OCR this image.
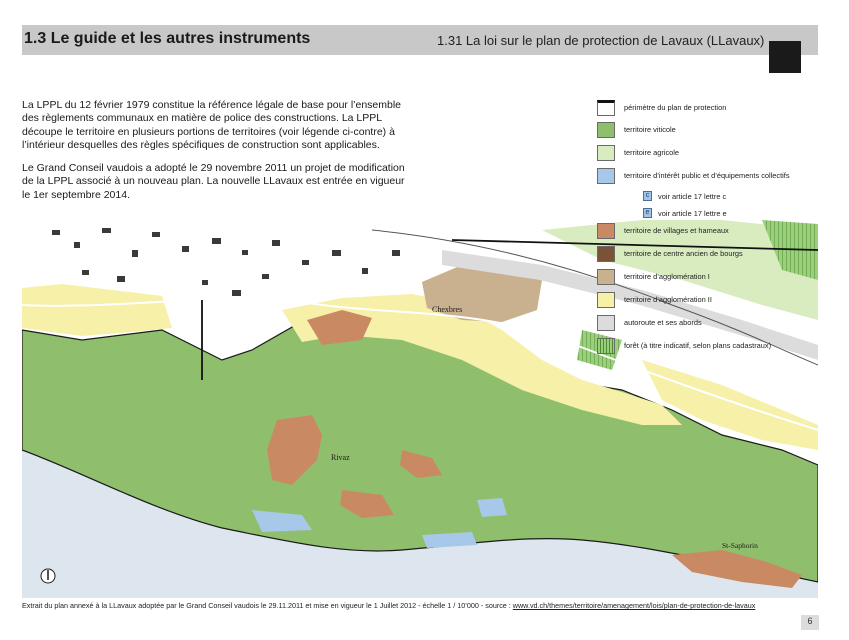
1.3 Le guide et les autres instruments	1.31 La loi sur le plan de protection de Lavaux (LLavaux)

La LPPL du 12 février 1979 constitue la référence légale de base pour l’ensemble des règlements communaux en matière de police des constructions. La LPPL découpe le territoire en plusieurs portions de territoires (voir légende ci-contre) à l’intérieur desquelles des règles spécifiques de construction sont applicables.

Le Grand Conseil vaudois a adopté le 29 novembre 2011 un projet de modification de la LPPL associé à un nouveau plan. La nouvelle LLavaux est entrée en vigueur le 1er septembre 2014.

Chexbres
Rivaz
St-Saphorin
périmètre du plan de protection
territoire viticole
territoire agricole
territoire d’intérêt public et d’équipements collectifs
c	voir article 17 lettre c
e	voir article 17 lettre e
territoire de villages et hameaux
territoire de centre ancien de bourgs
territoire d’agglomération I
territoire d’agglomération II
autoroute et ses abords
forêt (à titre indicatif, selon plans cadastraux)
Extrait du plan annexé à la LLavaux adoptée par le Grand Conseil vaudois le 29.11.2011 et mise en vigueur le 1 Juillet 2012 - échelle 1 / 10’000 - source : www.vd.ch/themes/territoire/amenagement/lois/plan-de-protection-de-lavaux
6
